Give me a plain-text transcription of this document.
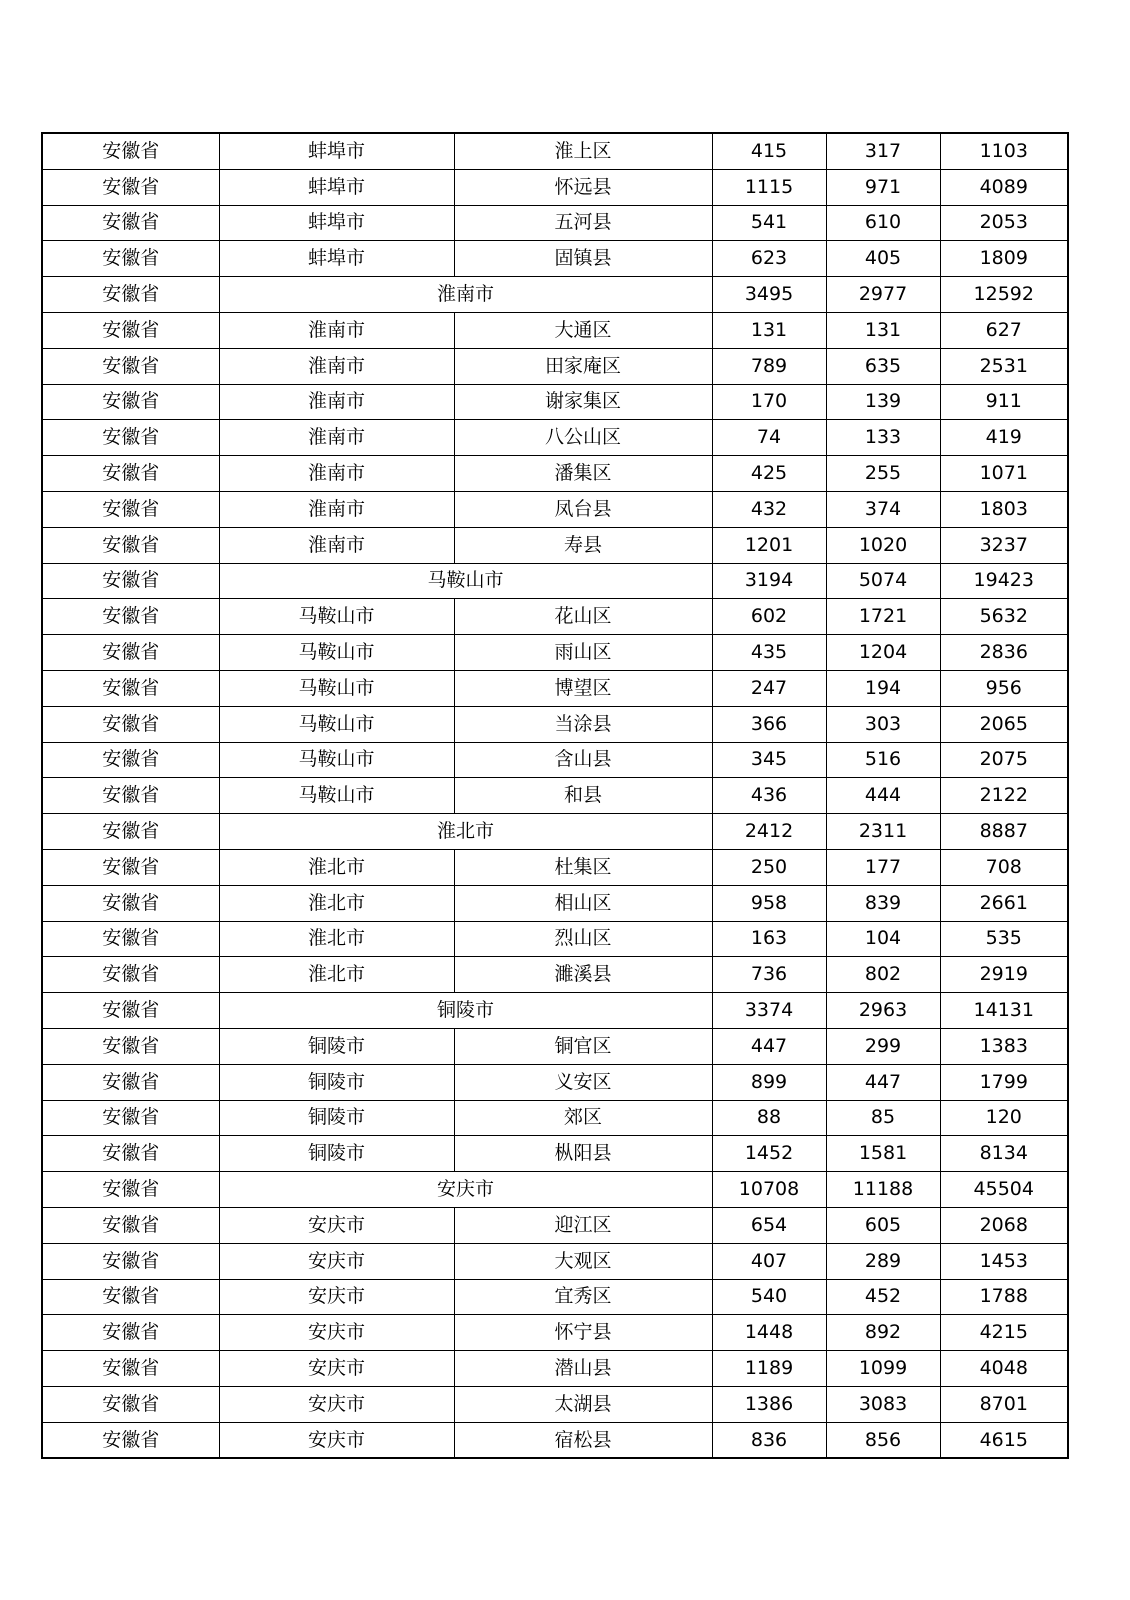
安徽省	蚌埠市	淮上区	415	317	1103
安徽省	蚌埠市	怀远县	1115	971	4089
安徽省	蚌埠市	五河县	541	610	2053
安徽省	蚌埠市	固镇县	623	405	1809
安徽省	淮南市		3495	2977	12592
安徽省	淮南市	大通区	131	131	627
安徽省	淮南市	田家庵区	789	635	2531
安徽省	淮南市	谢家集区	170	139	911
安徽省	淮南市	八公山区	74	133	419
安徽省	淮南市	潘集区	425	255	1071
安徽省	淮南市	凤台县	432	374	1803
安徽省	淮南市	寿县	1201	1020	3237
安徽省	马鞍山市		3194	5074	19423
安徽省	马鞍山市	花山区	602	1721	5632
安徽省	马鞍山市	雨山区	435	1204	2836
安徽省	马鞍山市	博望区	247	194	956
安徽省	马鞍山市	当涂县	366	303	2065
安徽省	马鞍山市	含山县	345	516	2075
安徽省	马鞍山市	和县	436	444	2122
安徽省	淮北市		2412	2311	8887
安徽省	淮北市	杜集区	250	177	708
安徽省	淮北市	相山区	958	839	2661
安徽省	淮北市	烈山区	163	104	535
安徽省	淮北市	濉溪县	736	802	2919
安徽省	铜陵市		3374	2963	14131
安徽省	铜陵市	铜官区	447	299	1383
安徽省	铜陵市	义安区	899	447	1799
安徽省	铜陵市	郊区	88	85	120
安徽省	铜陵市	枞阳县	1452	1581	8134
安徽省	安庆市		10708	11188	45504
安徽省	安庆市	迎江区	654	605	2068
安徽省	安庆市	大观区	407	289	1453
安徽省	安庆市	宜秀区	540	452	1788
安徽省	安庆市	怀宁县	1448	892	4215
安徽省	安庆市	潜山县	1189	1099	4048
安徽省	安庆市	太湖县	1386	3083	8701
安徽省	安庆市	宿松县	836	856	4615
